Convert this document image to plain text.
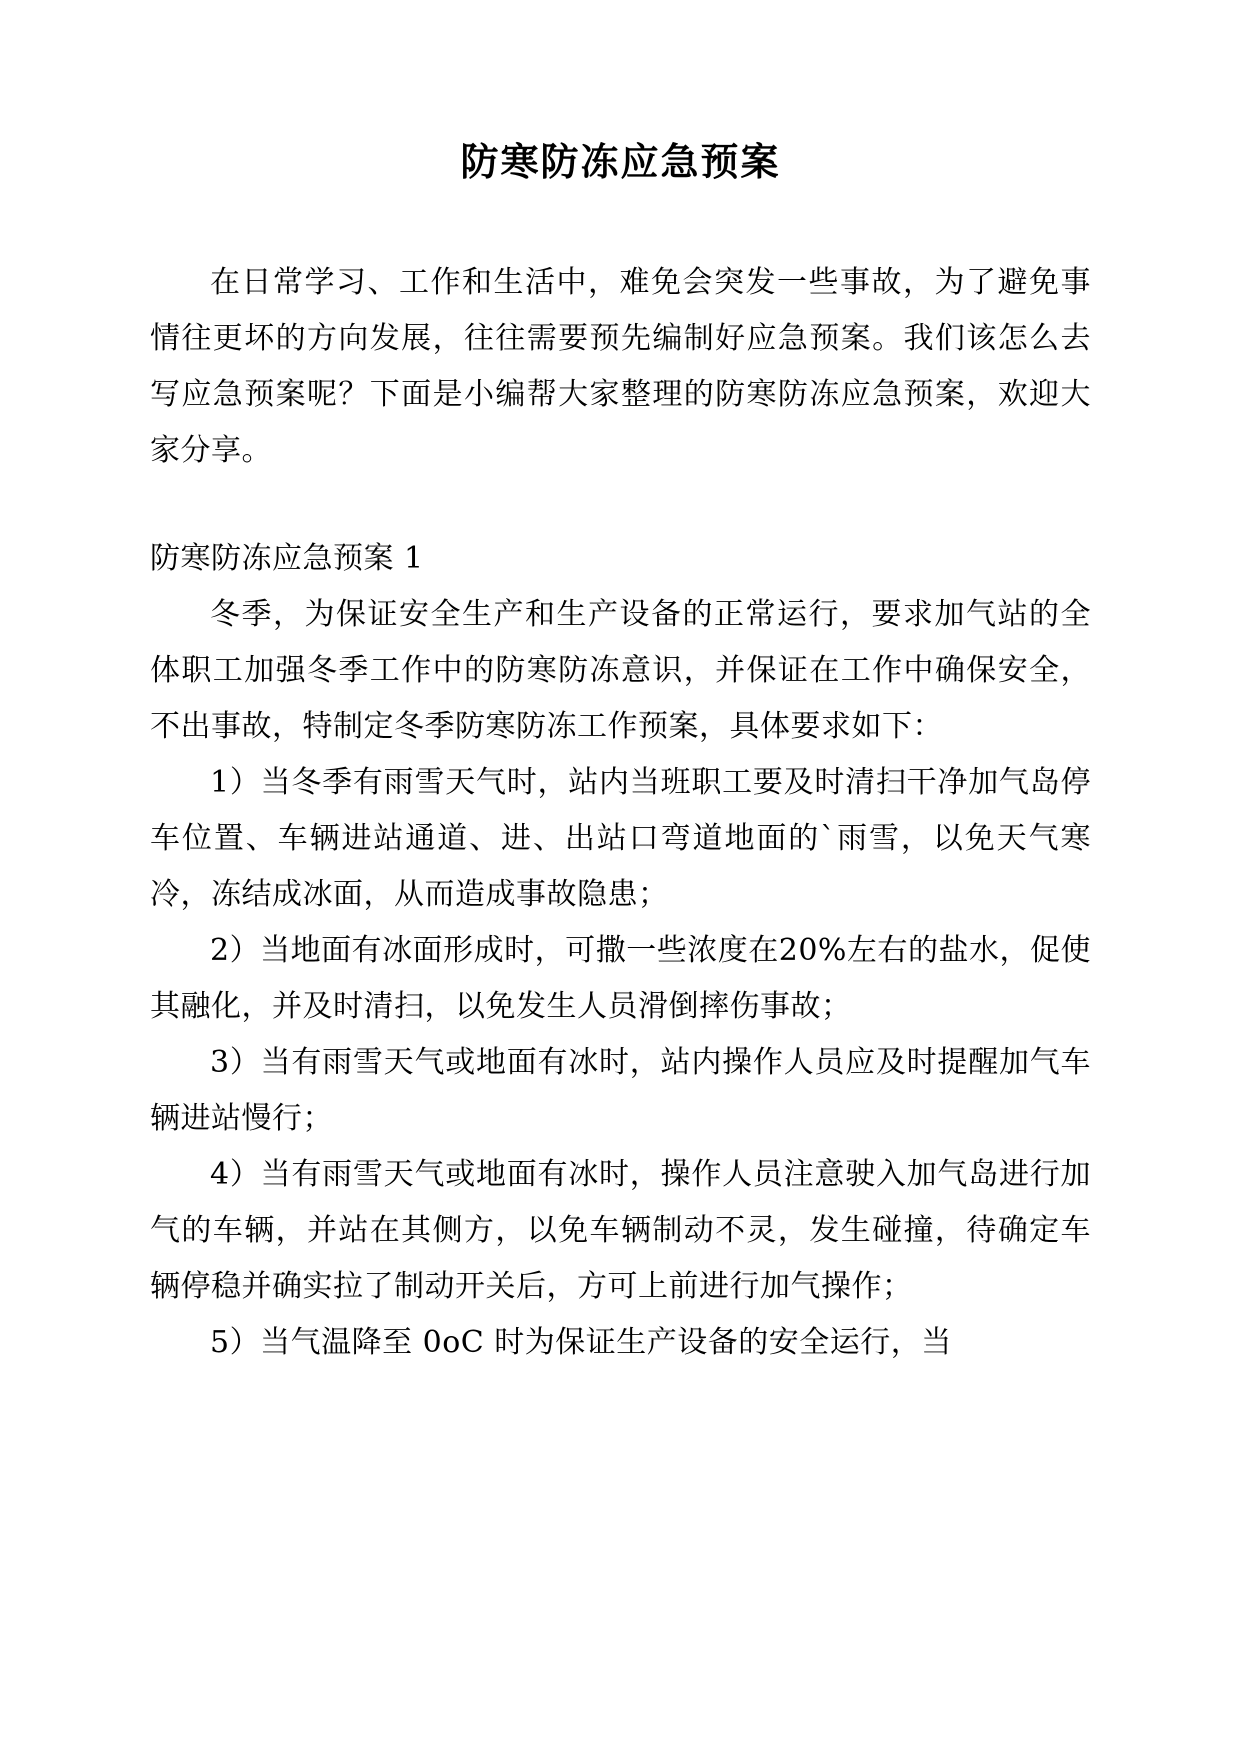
防寒防冻应急预案

在日常学习、工作和生活中，难免会突发一些事故，为了避免事情往更坏的方向发展，往往需要预先编制好应急预案。我们该怎么去写应急预案呢？下面是小编帮大家整理的防寒防冻应急预案，欢迎大家分享。

防寒防冻应急预案 1

冬季，为保证安全生产和生产设备的正常运行，要求加气站的全体职工加强冬季工作中的防寒防冻意识，并保证在工作中确保安全，不出事故，特制定冬季防寒防冻工作预案，具体要求如下：

1）当冬季有雨雪天气时，站内当班职工要及时清扫干净加气岛停车位置、车辆进站通道、进、出站口弯道地面的`雨雪，以免天气寒冷，冻结成冰面，从而造成事故隐患；

2）当地面有冰面形成时，可撒一些浓度在20%左右的盐水，促使其融化，并及时清扫，以免发生人员滑倒摔伤事故；

3）当有雨雪天气或地面有冰时，站内操作人员应及时提醒加气车辆进站慢行；

4）当有雨雪天气或地面有冰时，操作人员注意驶入加气岛进行加气的车辆，并站在其侧方，以免车辆制动不灵，发生碰撞，待确定车辆停稳并确实拉了制动开关后，方可上前进行加气操作；

5）当气温降至 0oC 时为保证生产设备的安全运行，当
